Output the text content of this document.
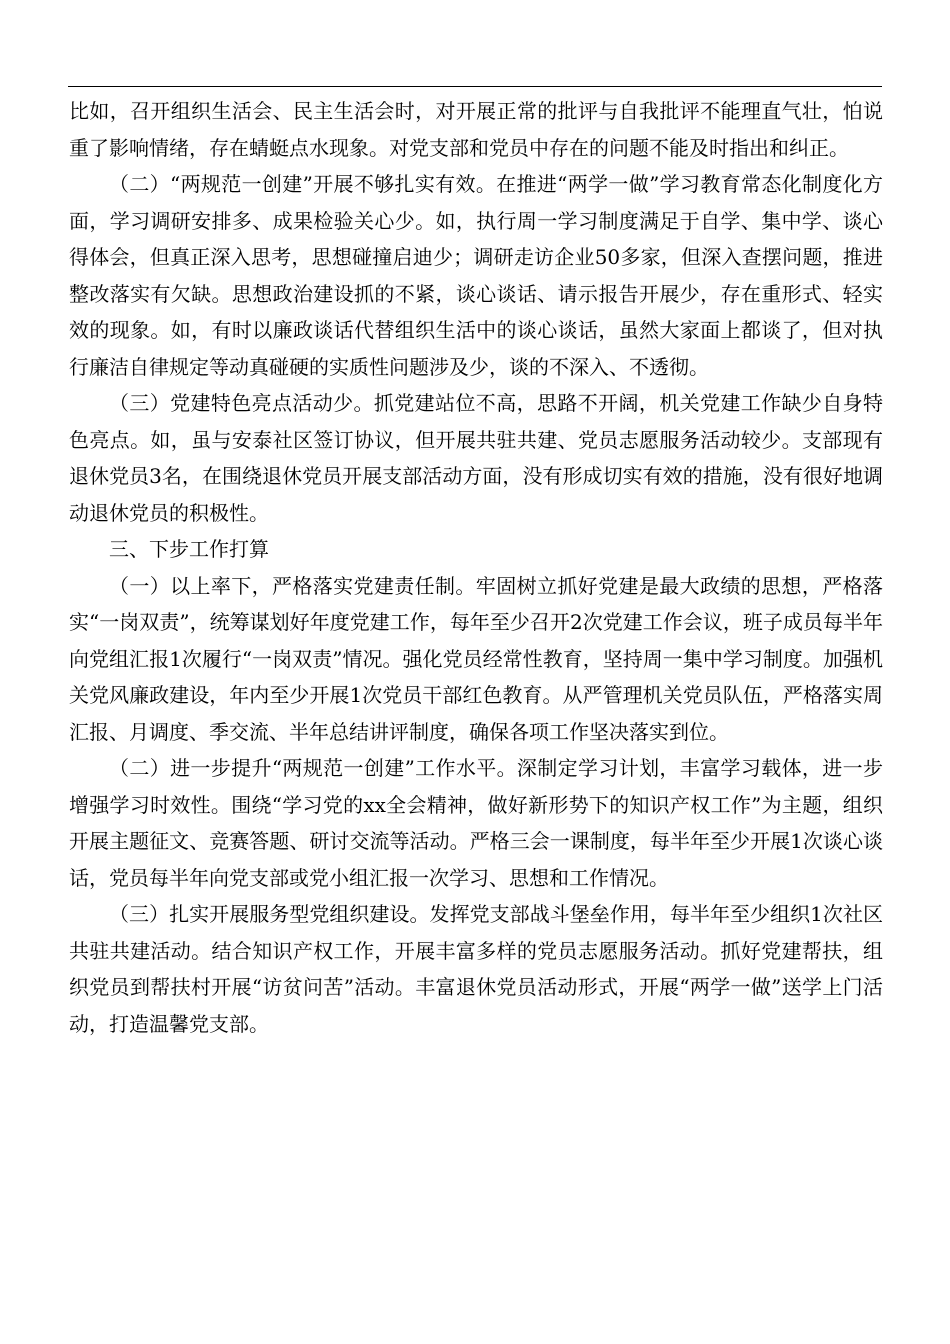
比如，召开组织生活会、民主生活会时，对开展正常的批评与自我批评不能理直气壮，怕说重了影响情绪，存在蜻蜓点水现象。对党支部和党员中存在的问题不能及时指出和纠正。

（二）“两规范一创建”开展不够扎实有效。在推进“两学一做”学习教育常态化制度化方面，学习调研安排多、成果检验关心少。如，执行周一学习制度满足于自学、集中学、谈心得体会，但真正深入思考，思想碰撞启迪少；调研走访企业50多家，但深入查摆问题，推进整改落实有欠缺。思想政治建设抓的不紧，谈心谈话、请示报告开展少，存在重形式、轻实效的现象。如，有时以廉政谈话代替组织生活中的谈心谈话，虽然大家面上都谈了，但对执行廉洁自律规定等动真碰硬的实质性问题涉及少，谈的不深入、不透彻。

（三）党建特色亮点活动少。抓党建站位不高，思路不开阔，机关党建工作缺少自身特色亮点。如，虽与安泰社区签订协议，但开展共驻共建、党员志愿服务活动较少。支部现有退休党员3名，在围绕退休党员开展支部活动方面，没有形成切实有效的措施，没有很好地调动退休党员的积极性。

三、下步工作打算

（一）以上率下，严格落实党建责任制。牢固树立抓好党建是最大政绩的思想，严格落实“一岗双责”，统筹谋划好年度党建工作，每年至少召开2次党建工作会议，班子成员每半年向党组汇报1次履行“一岗双责”情况。强化党员经常性教育，坚持周一集中学习制度。加强机关党风廉政建设，年内至少开展1次党员干部红色教育。从严管理机关党员队伍，严格落实周汇报、月调度、季交流、半年总结讲评制度，确保各项工作坚决落实到位。

（二）进一步提升“两规范一创建”工作水平。深制定学习计划，丰富学习载体，进一步增强学习时效性。围绕“学习党的xx全会精神，做好新形势下的知识产权工作”为主题，组织开展主题征文、竞赛答题、研讨交流等活动。严格三会一课制度，每半年至少开展1次谈心谈话，党员每半年向党支部或党小组汇报一次学习、思想和工作情况。

（三）扎实开展服务型党组织建设。发挥党支部战斗堡垒作用，每半年至少组织1次社区共驻共建活动。结合知识产权工作，开展丰富多样的党员志愿服务活动。抓好党建帮扶，组织党员到帮扶村开展“访贫问苦”活动。丰富退休党员活动形式，开展“两学一做”送学上门活动，打造温馨党支部。
